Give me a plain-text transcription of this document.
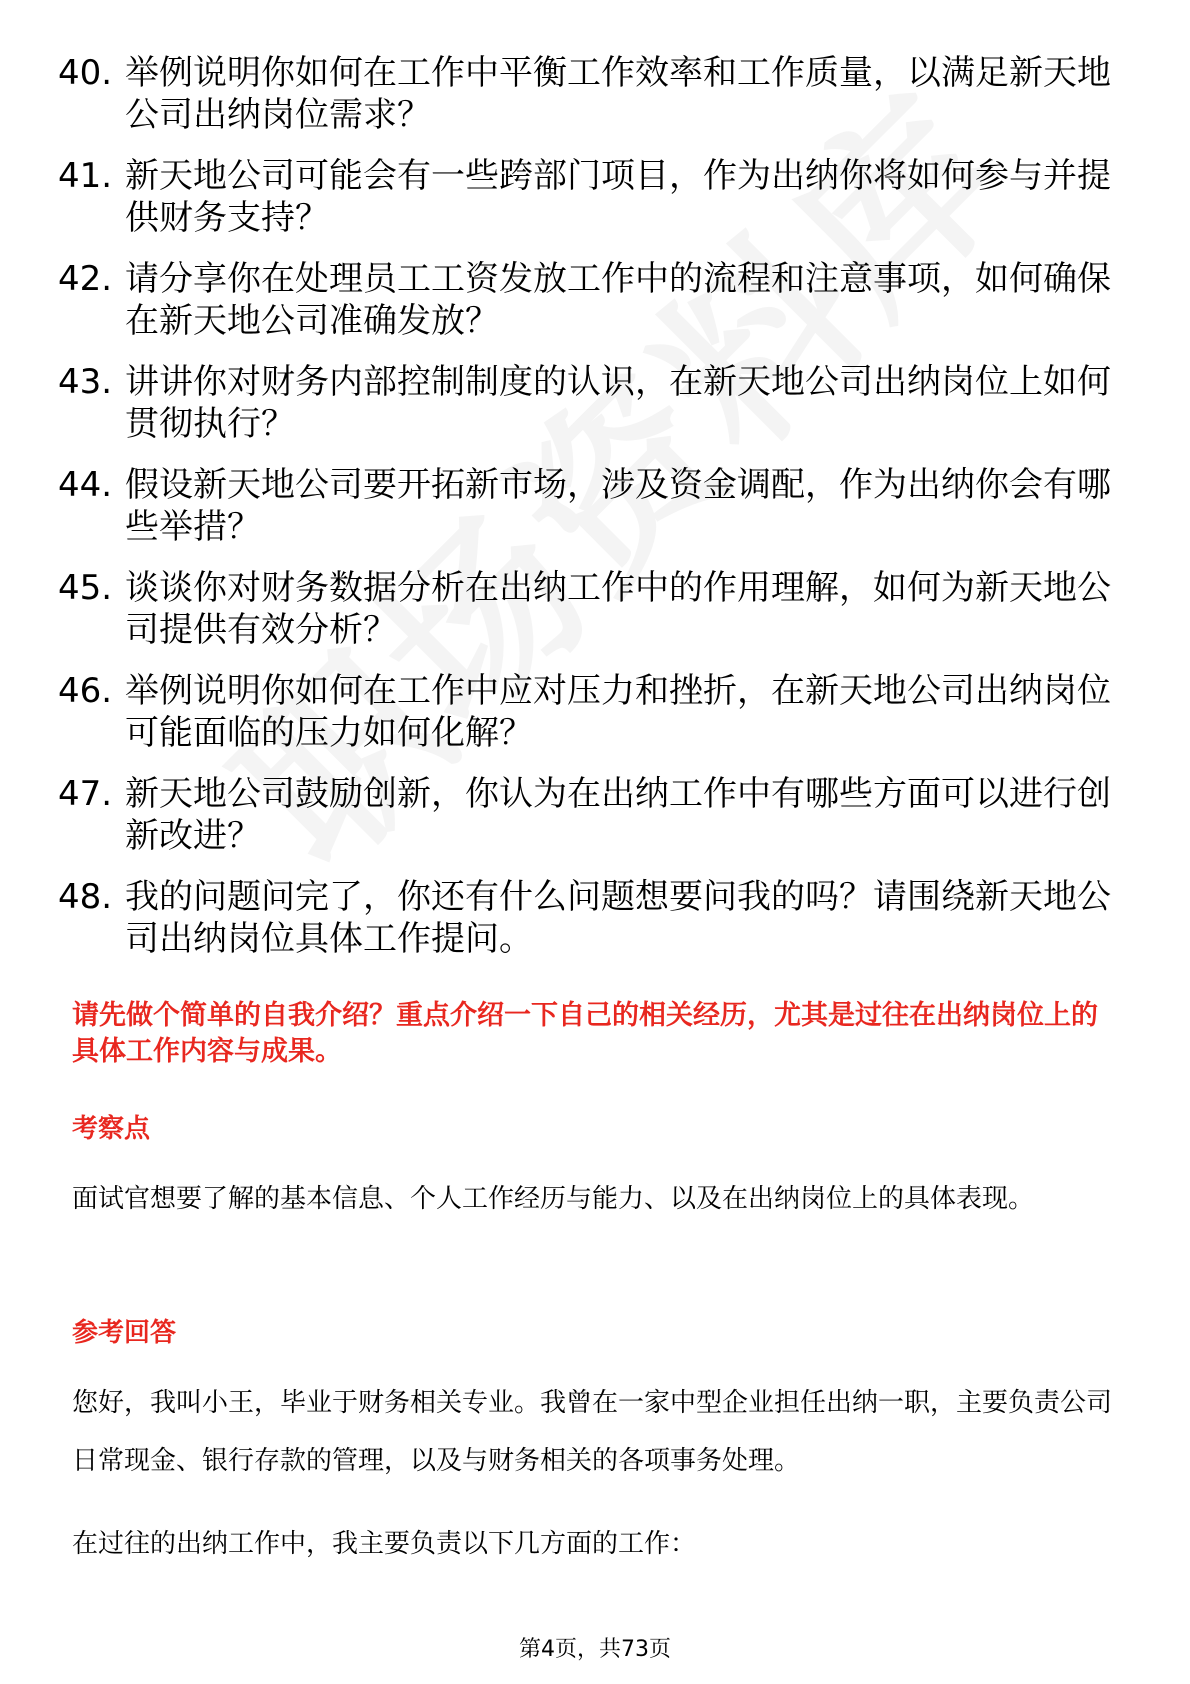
40. 举例说明你如何在工作中平衡工作效率和工作质量，以满足新天地公司出纳岗位需求？
41. 新天地公司可能会有一些跨部门项目，作为出纳你将如何参与并提供财务支持？
42. 请分享你在处理员工工资发放工作中的流程和注意事项，如何确保在新天地公司准确发放？
43. 讲讲你对财务内部控制制度的认识，在新天地公司出纳岗位上如何贯彻执行？
44. 假设新天地公司要开拓新市场，涉及资金调配，作为出纳你会有哪些举措？
45. 谈谈你对财务数据分析在出纳工作中的作用理解，如何为新天地公司提供有效分析？
46. 举例说明你如何在工作中应对压力和挫折，在新天地公司出纳岗位可能面临的压力如何化解？
47. 新天地公司鼓励创新，你认为在出纳工作中有哪些方面可以进行创新改进？
48. 我的问题问完了，你还有什么问题想要问我的吗？请围绕新天地公司出纳岗位具体工作提问。
请先做个简单的自我介绍？重点介绍一下自己的相关经历，尤其是过往在出纳岗位上的具体工作内容与成果。
考察点
面试官想要了解的基本信息、个人工作经历与能力、以及在出纳岗位上的具体表现。
参考回答
您好，我叫小王，毕业于财务相关专业。我曾在一家中型企业担任出纳一职，主要负责公司日常现金、银行存款的管理，以及与财务相关的各项事务处理。
在过往的出纳工作中，我主要负责以下几方面的工作：
第4页，共73页
